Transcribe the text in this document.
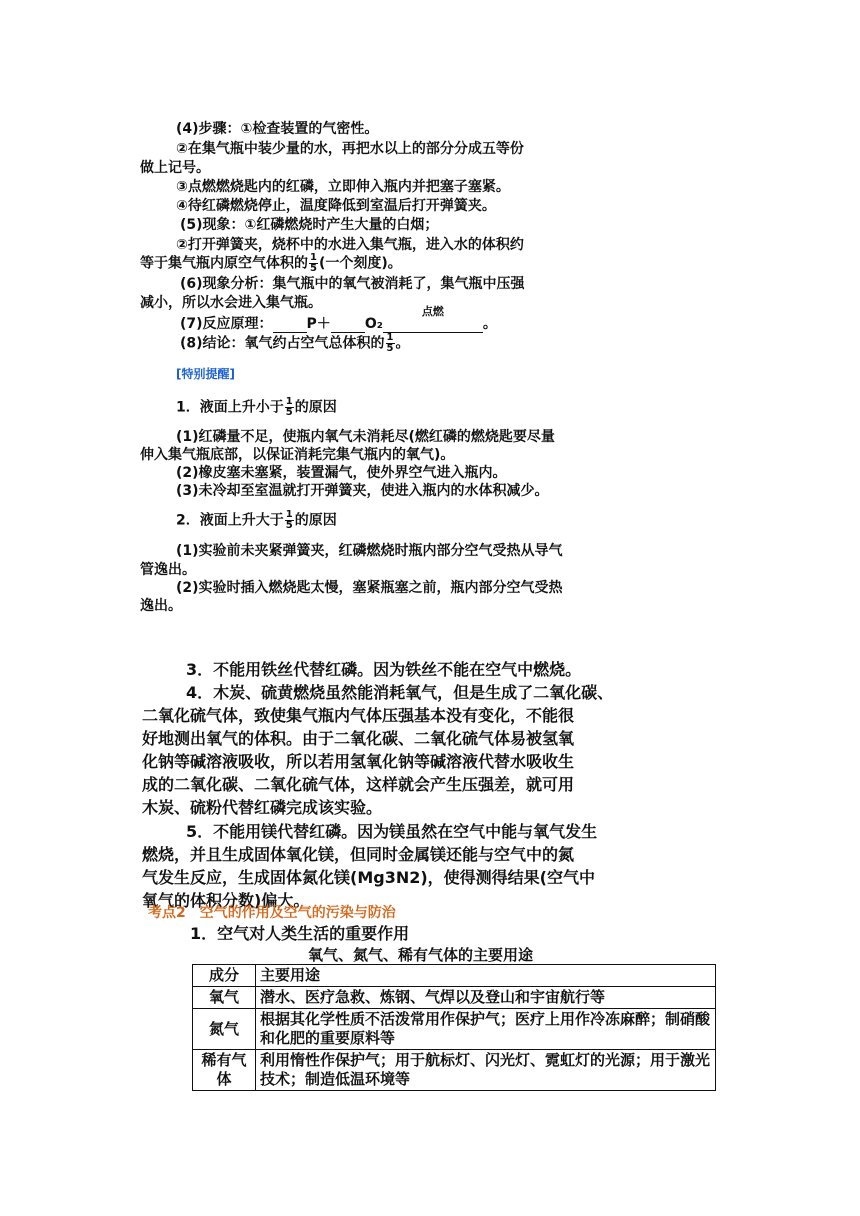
(4)步骤：①检查装置的气密性。
②在集气瓶中装少量的水，再把水以上的部分分成五等份
做上记号。
③点燃燃烧匙内的红磷，立即伸入瓶内并把塞子塞紧。
④待红磷燃烧停止，温度降低到室温后打开弹簧夹。
(5)现象：①红磷燃烧时产生大量的白烟；
②打开弹簧夹，烧杯中的水进入集气瓶，进入水的体积约
等于集气瓶内原空气体积的 $\frac{1}{5}$ (一个刻度)。
(6)现象分析：集气瓶中的氧气被消耗了，集气瓶中压强
减小，所以水会进入集气瓶。
(7)反应原理： P＋ O₂
点燃
。
(8)结论：氧气约占空气总体积的 $\frac{1}{5}$ 。
[特别提醒]
1．液面上升小于 $\frac{1}{5}$ 的原因
(1)红磷量不足，使瓶内氧气未消耗尽(燃红磷的燃烧匙要尽量
伸入集气瓶底部，以保证消耗完集气瓶内的氧气)。
(2)橡皮塞未塞紧，装置漏气，使外界空气进入瓶内。
(3)未冷却至室温就打开弹簧夹，使进入瓶内的水体积减少。
2．液面上升大于 $\frac{1}{5}$ 的原因
(1)实验前未夹紧弹簧夹，红磷燃烧时瓶内部分空气受热从导气
管逸出。
(2)实验时插入燃烧匙太慢，塞紧瓶塞之前，瓶内部分空气受热
逸出。
3．不能用铁丝代替红磷。因为铁丝不能在空气中燃烧。
4．木炭、硫黄燃烧虽然能消耗氧气，但是生成了二氧化碳、
二氧化硫气体，致使集气瓶内气体压强基本没有变化，不能很
好地测出氧气的体积。由于二氧化碳、二氧化硫气体易被氢氧
化钠等碱溶液吸收，所以若用氢氧化钠等碱溶液代替水吸收生
成的二氧化碳、二氧化硫气体，这样就会产生压强差，就可用
木炭、硫粉代替红磷完成该实验。
5．不能用镁代替红磷。因为镁虽然在空气中能与氧气发生
燃烧，并且生成固体氧化镁，但同时金属镁还能与空气中的氮
气发生反应，生成固体氮化镁(Mg3N2)，使得测得结果(空气中
氧气的体积分数)偏大。
考点2　空气的作用及空气的污染与防治
1．空气对人类生活的重要作用
氧气、氮气、稀有气体的主要用途
成分	主要用途
氧气	潜水、医疗急救、炼钢、气焊以及登山和宇宙航行等
氮气	根据其化学性质不活泼常用作保护气；医疗上用作冷冻麻醉；制硝酸和化肥的重要原料等
稀有气体	利用惰性作保护气；用于航标灯、闪光灯、霓虹灯的光源；用于激光技术；制造低温环境等
